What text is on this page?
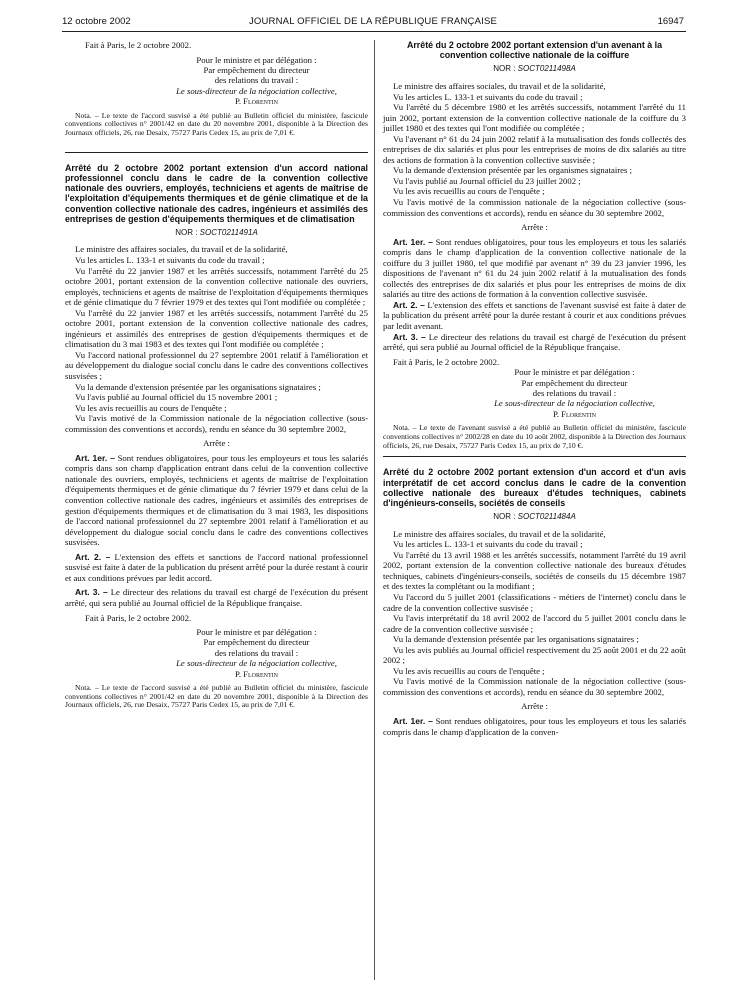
12 octobre 2002	JOURNAL OFFICIEL DE LA RÉPUBLIQUE FRANÇAISE	16947

Fait à Paris, le 2 octobre 2002.

Pour le ministre et par délégation :
Par empêchement du directeur
des relations du travail :
Le sous-directeur de la négociation collective,
P. Florentin

Nota. – Le texte de l'accord susvisé a été publié au Bulletin officiel du ministère, fascicule conventions collectives n° 2001/42 en date du 20 novembre 2001, disponible à la Direction des Journaux officiels, 26, rue Desaix, 75727 Paris Cedex 15, au prix de 7,01 €.

Arrêté du 2 octobre 2002 portant extension d'un accord national professionnel conclu dans le cadre de la convention collective nationale des ouvriers, employés, techniciens et agents de maîtrise de l'exploitation d'équipements thermiques et de génie climatique et de la convention collective nationale des cadres, ingénieurs et assimilés des entreprises de gestion d'équipements thermiques et de climatisation
NOR : SOCT0211491A

Le ministre des affaires sociales, du travail et de la solidarité,

Vu les articles L. 133-1 et suivants du code du travail ;

Vu l'arrêté du 22 janvier 1987 et les arrêtés successifs, notamment l'arrêté du 25 octobre 2001, portant extension de la convention collective nationale des ouvriers, employés, techniciens et agents de maîtrise de l'exploitation d'équipements thermiques et de génie climatique du 7 février 1979 et des textes qui l'ont modifiée ou complétée ;

Vu l'arrêté du 22 janvier 1987 et les arrêtés successifs, notamment l'arrêté du 25 octobre 2001, portant extension de la convention collective nationale des cadres, ingénieurs et assimilés des entreprises de gestion d'équipements thermiques et de climatisation du 3 mai 1983 et des textes qui l'ont modifiée ou complétée ;

Vu l'accord national professionnel du 27 septembre 2001 relatif à l'amélioration et au développement du dialogue social conclu dans le cadre des conventions collectives susvisées ;

Vu la demande d'extension présentée par les organisations signataires ;

Vu l'avis publié au Journal officiel du 15 novembre 2001 ;

Vu les avis recueillis au cours de l'enquête ;

Vu l'avis motivé de la Commission nationale de la négociation collective (sous-commission des conventions et accords), rendu en séance du 30 septembre 2002,

Arrête :

Art. 1er. – Sont rendues obligatoires, pour tous les employeurs et tous les salariés compris dans son champ d'application entrant dans celui de la convention collective nationale des ouvriers, employés, techniciens et agents de maîtrise de l'exploitation d'équipements thermiques et de génie climatique du 7 février 1979 et dans celui de la convention collective nationale des cadres, ingénieurs et assimilés des entreprises de gestion d'équipements thermiques et de climatisation du 3 mai 1983, les dispositions de l'accord national professionnel du 27 septembre 2001 relatif à l'amélioration et au développement du dialogue social conclu dans le cadre des conventions collectives susvisées.

Art. 2. – L'extension des effets et sanctions de l'accord national professionnel susvisé est faite à dater de la publication du présent arrêté pour la durée restant à courir et aux conditions prévues par ledit accord.

Art. 3. – Le directeur des relations du travail est chargé de l'exécution du présent arrêté, qui sera publié au Journal officiel de la République française.

Fait à Paris, le 2 octobre 2002.

Pour le ministre et par délégation :
Par empêchement du directeur
des relations du travail :
Le sous-directeur de la négociation collective,
P. Florentin

Nota. – Le texte de l'accord susvisé a été publié au Bulletin officiel du ministère, fascicule conventions collectives n° 2001/42 en date du 20 novembre 2001, disponible à la Direction des Journaux officiels, 26, rue Desaix, 75727 Paris Cedex 15, au prix de 7,01 €.

Arrêté du 2 octobre 2002 portant extension d'un avenant à la convention collective nationale de la coiffure
NOR : SOCT0211498A

Le ministre des affaires sociales, du travail et de la solidarité,

Vu les articles L. 133-1 et suivants du code du travail ;

Vu l'arrêté du 5 décembre 1980 et les arrêtés successifs, notamment l'arrêté du 11 juin 2002, portant extension de la convention collective nationale de la coiffure du 3 juillet 1980 et des textes qui l'ont modifiée ou complétée ;

Vu l'avenant n° 61 du 24 juin 2002 relatif à la mutualisation des fonds collectés des entreprises de dix salariés et plus pour les entreprises de moins de dix salariés au titre des actions de formation à la convention collective susvisée ;

Vu la demande d'extension présentée par les organismes signataires ;

Vu l'avis publié au Journal officiel du 23 juillet 2002 ;

Vu les avis recueillis au cours de l'enquête ;

Vu l'avis motivé de la commission nationale de la négociation collective (sous-commission des conventions et accords), rendu en séance du 30 septembre 2002,

Arrête :

Art. 1er. – Sont rendues obligatoires, pour tous les employeurs et tous les salariés compris dans le champ d'application de la convention collective nationale de la coiffure du 3 juillet 1980, tel que modifié par avenant n° 39 du 23 janvier 1996, les dispositions de l'avenant n° 61 du 24 juin 2002 relatif à la mutualisation des fonds collectés des entreprises de dix salariés et plus pour les entreprises de moins de dix salariés au titre des actions de formation à la convention collective susvisée.

Art. 2. – L'extension des effets et sanctions de l'avenant susvisé est faite à dater de la publication du présent arrêté pour la durée restant à courir et aux conditions prévues par ledit avenant.

Art. 3. – Le directeur des relations du travail est chargé de l'exécution du présent arrêté, qui sera publié au Journal officiel de la République française.

Fait à Paris, le 2 octobre 2002.

Pour le ministre et par délégation :
Par empêchement du directeur
des relations du travail :
Le sous-directeur de la négociation collective,
P. Florentin

Nota. – Le texte de l'avenant susvisé a été publié au Bulletin officiel du ministère, fascicule conventions collectives n° 2002/28 en date du 10 août 2002, disponible à la Direction des Journaux officiels, 26, rue Desaix, 75727 Paris Cedex 15, au prix de 7,10 €.

Arrêté du 2 octobre 2002 portant extension d'un accord et d'un avis interprétatif de cet accord conclus dans le cadre de la convention collective nationale des bureaux d'études techniques, cabinets d'ingénieurs-conseils, sociétés de conseils
NOR : SOCT0211484A

Le ministre des affaires sociales, du travail et de la solidarité,

Vu les articles L. 133-1 et suivants du code du travail ;

Vu l'arrêté du 13 avril 1988 et les arrêtés successifs, notamment l'arrêté du 19 avril 2002, portant extension de la convention collective nationale des bureaux d'études techniques, cabinets d'ingénieurs-conseils, sociétés de conseils du 15 décembre 1987 et des textes la complétant ou la modifiant ;

Vu l'accord du 5 juillet 2001 (classifications - métiers de l'internet) conclu dans le cadre de la convention collective susvisée ;

Vu l'avis interprétatif du 18 avril 2002 de l'accord du 5 juillet 2001 conclu dans le cadre de la convention collective susvisée ;

Vu la demande d'extension présentée par les organisations signataires ;

Vu les avis publiés au Journal officiel respectivement du 25 août 2001 et du 22 août 2002 ;

Vu les avis recueillis au cours de l'enquête ;

Vu l'avis motivé de la Commission nationale de la négociation collective (sous-commission des conventions et accords), rendu en séance du 30 septembre 2002,

Arrête :

Art. 1er. – Sont rendues obligatoires, pour tous les employeurs et tous les salariés compris dans le champ d'application de la conven-
